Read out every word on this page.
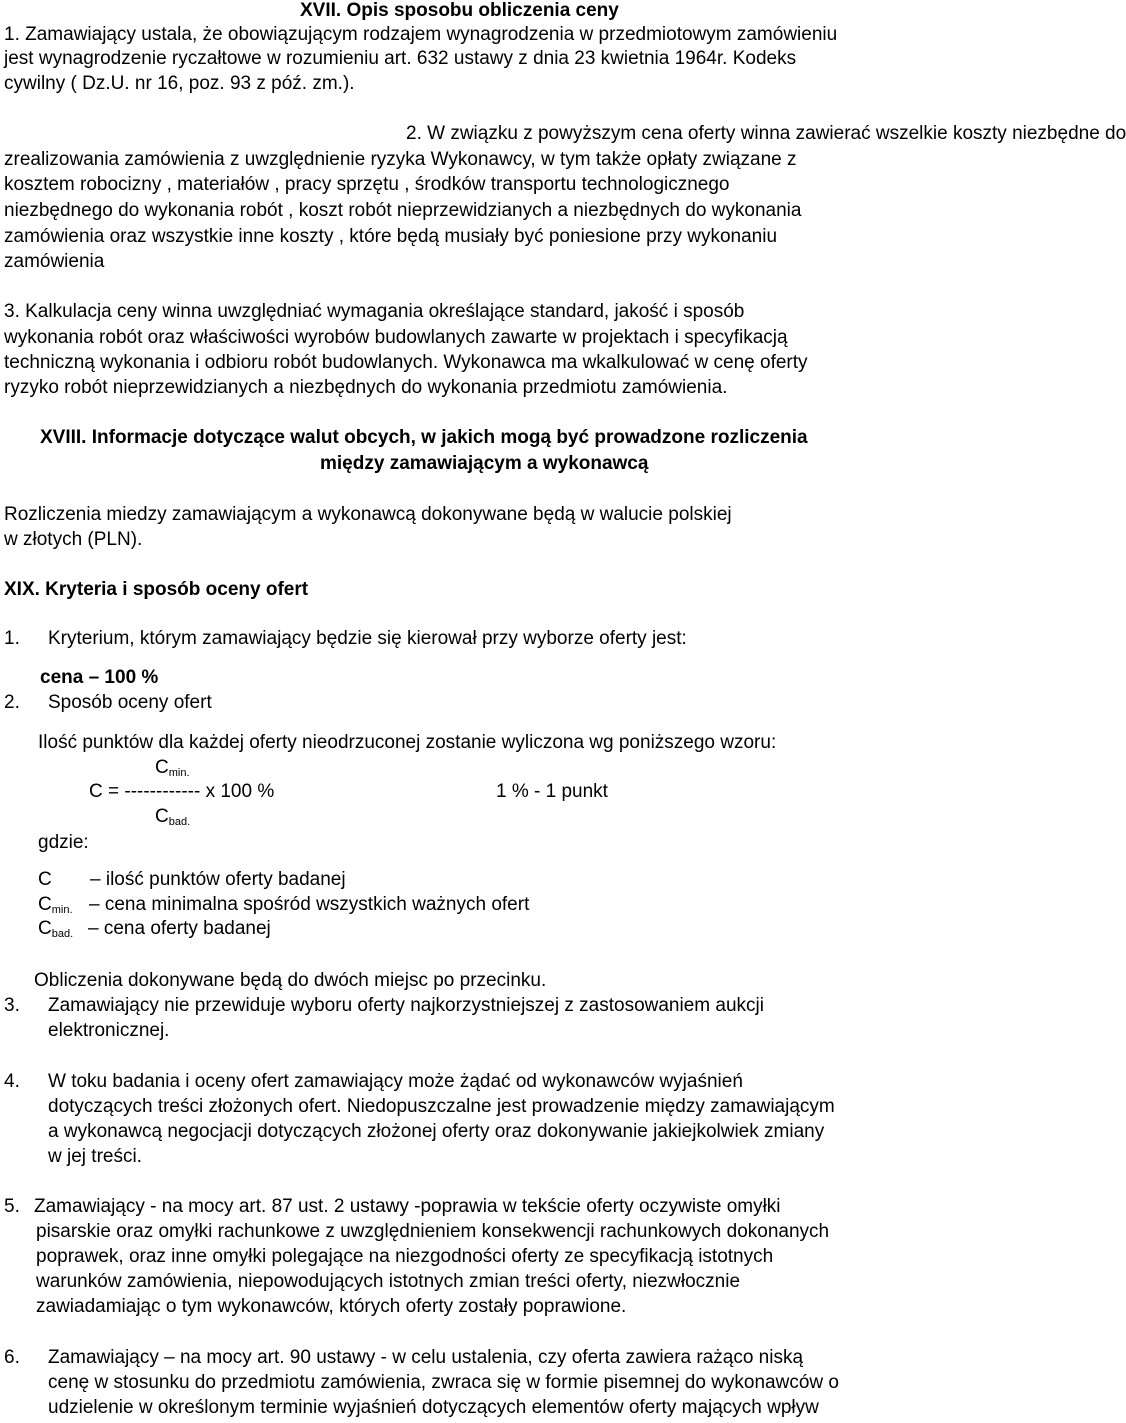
XVII. Opis sposobu obliczenia ceny
1. Zamawiający ustala, że obowiązującym rodzajem wynagrodzenia w przedmiotowym zamówieniu
jest wynagrodzenie ryczałtowe w rozumieniu art. 632 ustawy z dnia 23 kwietnia 1964r. Kodeks
cywilny ( Dz.U. nr 16, poz. 93 z póź. zm.).
2. W związku z powyższym cena oferty winna zawierać wszelkie koszty niezbędne do
zrealizowania zamówienia z uwzględnienie ryzyka Wykonawcy, w tym także opłaty związane z
kosztem robocizny , materiałów , pracy sprzętu , środków transportu technologicznego
niezbędnego do wykonania robót , koszt robót nieprzewidzianych a niezbędnych do wykonania
zamówienia oraz wszystkie inne koszty , które będą musiały być poniesione przy wykonaniu
zamówienia
3. Kalkulacja ceny winna uwzględniać wymagania określające standard, jakość i sposób
wykonania robót oraz właściwości wyrobów budowlanych zawarte w projektach i specyfikacją
techniczną wykonania i odbioru robót budowlanych. Wykonawca ma wkalkulować w cenę oferty
ryzyko robót nieprzewidzianych a niezbędnych do wykonania przedmiotu zamówienia.
XVIII. Informacje dotyczące walut obcych, w jakich mogą być prowadzone rozliczenia
między zamawiającym a wykonawcą
Rozliczenia miedzy zamawiającym a wykonawcą dokonywane będą w walucie polskiej
w złotych (PLN).
XIX. Kryteria i sposób oceny ofert
1. Kryterium, którym zamawiający będzie się kierował przy wyborze oferty jest:
cena – 100 %
2. Sposób oceny ofert
Ilość punktów dla każdej oferty nieodrzuconej zostanie wyliczona wg poniższego wzoru:
$C_{min.}$
C = ------------ x 100 %	1 % - 1 punkt
$C_{bad.}$
gdzie:
C – ilość punktów oferty badanej
$C_{min.}$ – cena minimalna spośród wszystkich ważnych ofert
$C_{bad.}$ – cena oferty badanej
Obliczenia dokonywane będą do dwóch miejsc po przecinku.
3. Zamawiający nie przewiduje wyboru oferty najkorzystniejszej z zastosowaniem aukcji
elektronicznej.
4. W toku badania i oceny ofert zamawiający może żądać od wykonawców wyjaśnień
dotyczących treści złożonych ofert. Niedopuszczalne jest prowadzenie między zamawiającym
a wykonawcą negocjacji dotyczących złożonej oferty oraz dokonywanie jakiejkolwiek zmiany
w jej treści.
5. Zamawiający - na mocy art. 87 ust. 2 ustawy -poprawia w tekście oferty oczywiste omyłki
pisarskie oraz omyłki rachunkowe z uwzględnieniem konsekwencji rachunkowych dokonanych
poprawek, oraz inne omyłki polegające na niezgodności oferty ze specyfikacją istotnych
warunków zamówienia, niepowodujących istotnych zmian treści oferty, niezwłocznie
zawiadamiając o tym wykonawców, których oferty zostały poprawione.
6. Zamawiający – na mocy art. 90 ustawy - w celu ustalenia, czy oferta zawiera rażąco niską
cenę w stosunku do przedmiotu zamówienia, zwraca się w formie pisemnej do wykonawców o
udzielenie w określonym terminie wyjaśnień dotyczących elementów oferty mających wpływ
